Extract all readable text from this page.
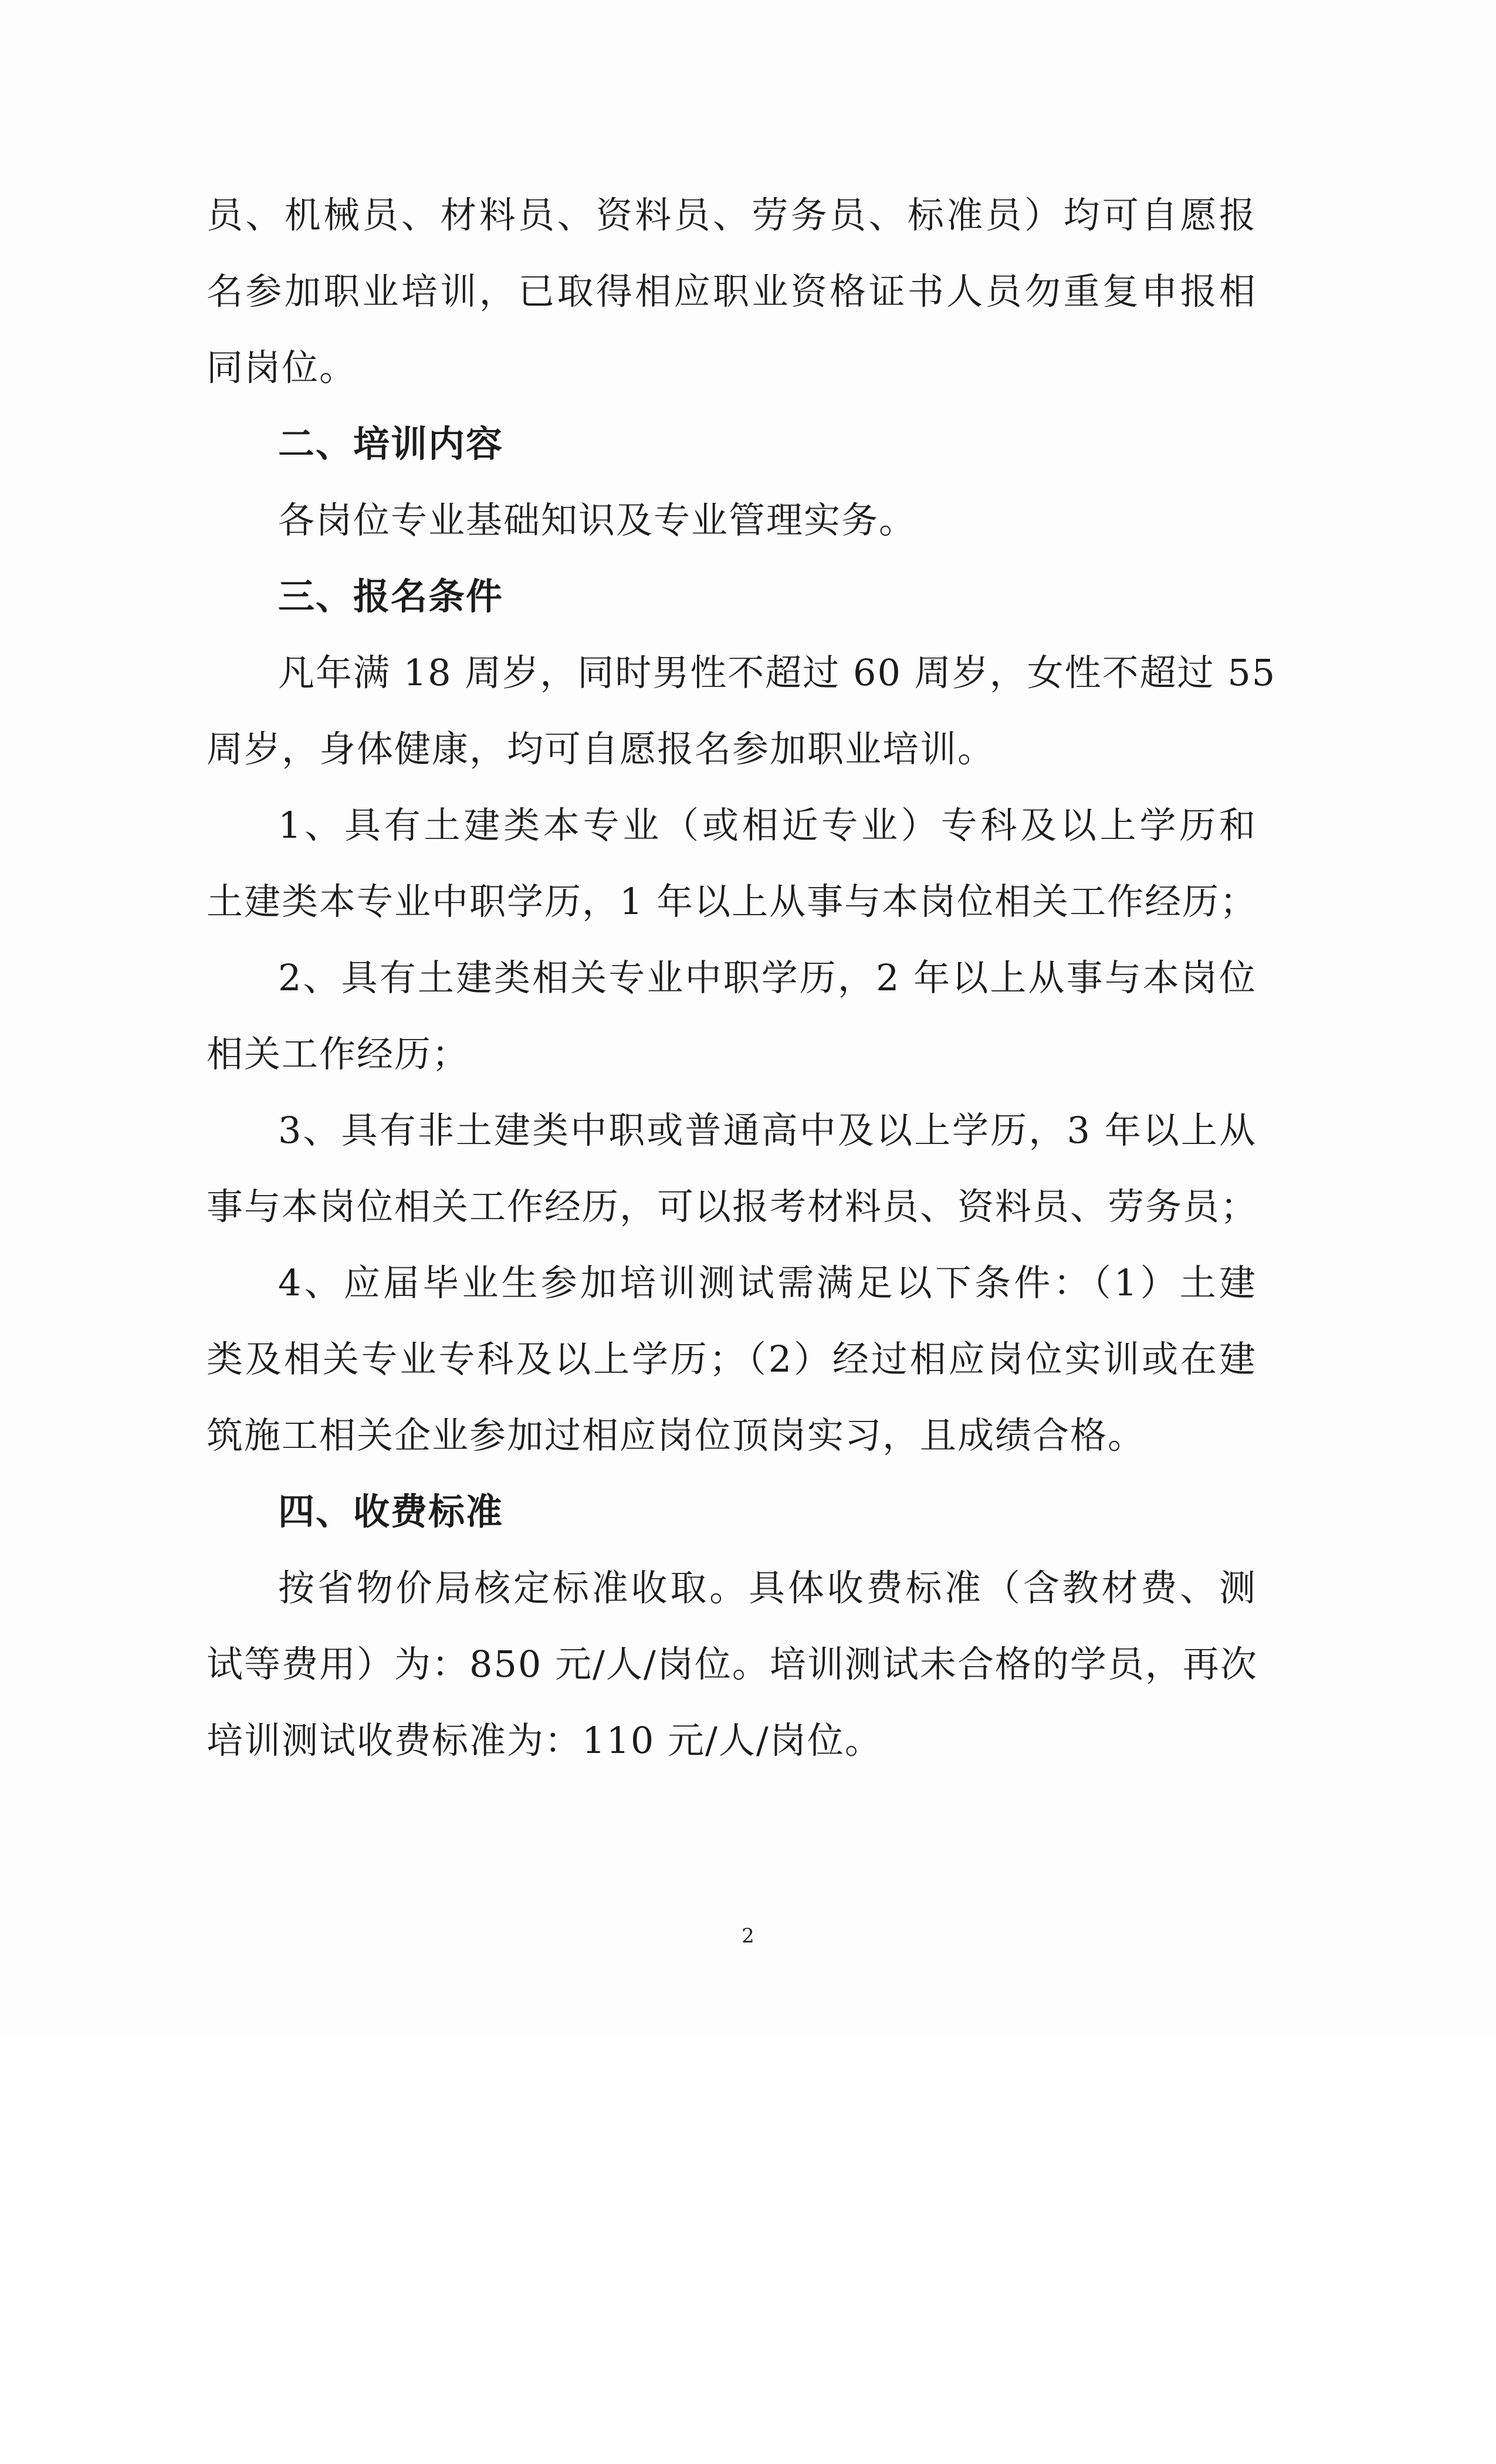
员、机械员、材料员、资料员、劳务员、标准员）均可自愿报
名参加职业培训，已取得相应职业资格证书人员勿重复申报相
同岗位。
二、培训内容
各岗位专业基础知识及专业管理实务。
三、报名条件
凡年满 18 周岁，同时男性不超过 60 周岁，女性不超过 55
周岁，身体健康，均可自愿报名参加职业培训。
1、具有土建类本专业（或相近专业）专科及以上学历和
土建类本专业中职学历，1 年以上从事与本岗位相关工作经历；
2、具有土建类相关专业中职学历，2 年以上从事与本岗位
相关工作经历；
3、具有非土建类中职或普通高中及以上学历，3 年以上从
事与本岗位相关工作经历，可以报考材料员、资料员、劳务员；
4、应届毕业生参加培训测试需满足以下条件：（1）土建
类及相关专业专科及以上学历；（2）经过相应岗位实训或在建
筑施工相关企业参加过相应岗位顶岗实习，且成绩合格。
四、收费标准
按省物价局核定标准收取。具体收费标准（含教材费、测
试等费用）为：850 元/人/岗位。培训测试未合格的学员，再次
培训测试收费标准为：110 元/人/岗位。
2
